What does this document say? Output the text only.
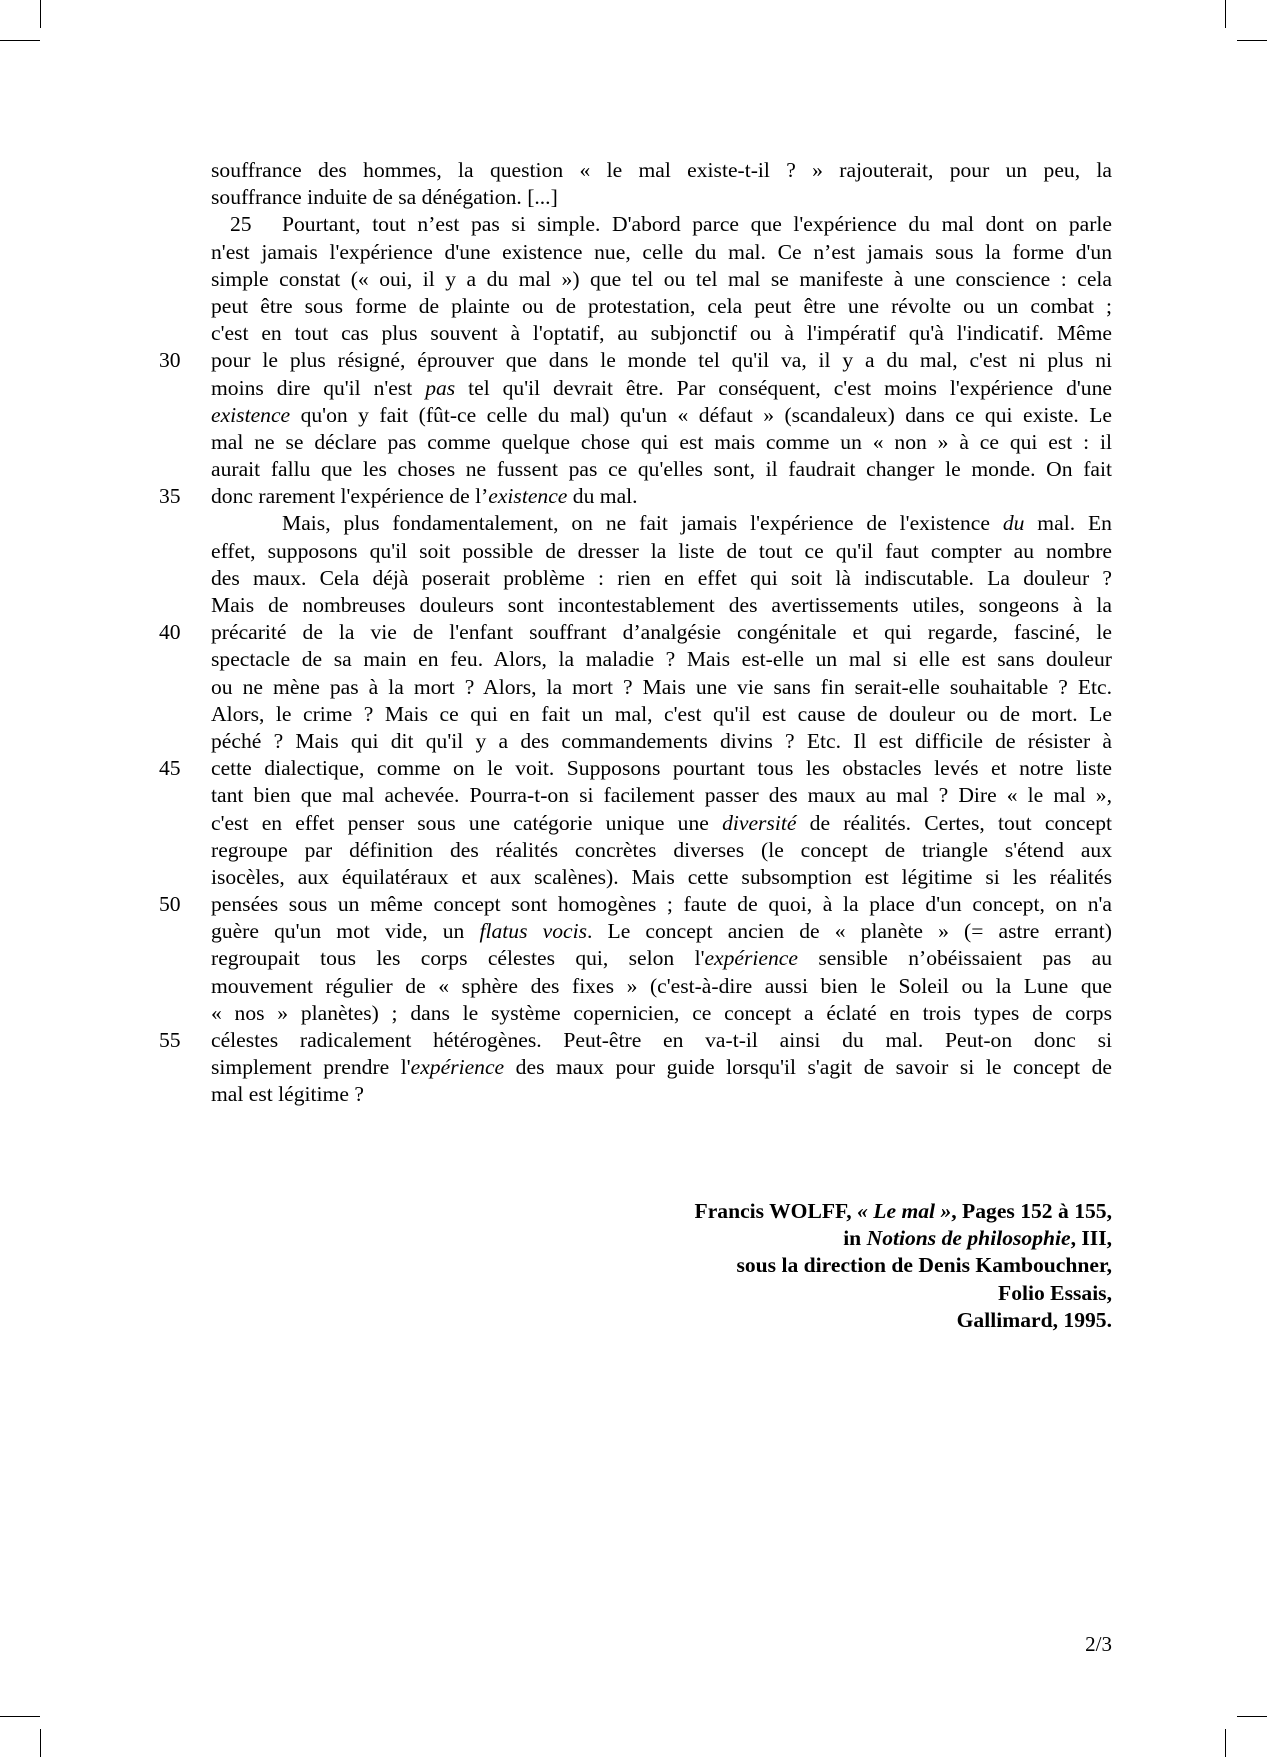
souffrance des hommes, la question « le mal existe-t-il ? » rajouterait, pour un peu, la
souffrance induite de sa dénégation. [...]
25 Pourtant, tout n’est pas si simple. D'abord parce que l'expérience du mal dont on parle
n'est jamais l'expérience d'une existence nue, celle du mal. Ce n’est jamais sous la forme d'un
simple constat (« oui, il y a du mal ») que tel ou tel mal se manifeste à une conscience : cela
peut être sous forme de plainte ou de protestation, cela peut être une révolte ou un combat ;
c'est en tout cas plus souvent à l'optatif, au subjonctif ou à l'impératif qu'à l'indicatif. Même
30	pour le plus résigné, éprouver que dans le monde tel qu'il va, il y a du mal, c'est ni plus ni
moins dire qu'il n'est pas tel qu'il devrait être. Par conséquent, c'est moins l'expérience d'une
existence qu'on y fait (fût-ce celle du mal) qu'un « défaut » (scandaleux) dans ce qui existe. Le
mal ne se déclare pas comme quelque chose qui est mais comme un « non » à ce qui est : il
aurait fallu que les choses ne fussent pas ce qu'elles sont, il faudrait changer le monde. On fait
35	donc rarement l'expérience de l’existence du mal.
Mais, plus fondamentalement, on ne fait jamais l'expérience de l'existence du mal. En
effet, supposons qu'il soit possible de dresser la liste de tout ce qu'il faut compter au nombre
des maux. Cela déjà poserait problème : rien en effet qui soit là indiscutable. La douleur ?
Mais de nombreuses douleurs sont incontestablement des avertissements utiles, songeons à la
40	précarité de la vie de l'enfant souffrant d’analgésie congénitale et qui regarde, fasciné, le
spectacle de sa main en feu. Alors, la maladie ? Mais est-elle un mal si elle est sans douleur
ou ne mène pas à la mort ? Alors, la mort ? Mais une vie sans fin serait-elle souhaitable ? Etc.
Alors, le crime ? Mais ce qui en fait un mal, c'est qu'il est cause de douleur ou de mort. Le
péché ? Mais qui dit qu'il y a des commandements divins ? Etc. Il est difficile de résister à
45	cette dialectique, comme on le voit. Supposons pourtant tous les obstacles levés et notre liste
tant bien que mal achevée. Pourra-t-on si facilement passer des maux au mal ? Dire « le mal »,
c'est en effet penser sous une catégorie unique une diversité de réalités. Certes, tout concept
regroupe par définition des réalités concrètes diverses (le concept de triangle s'étend aux
isocèles, aux équilatéraux et aux scalènes). Mais cette subsomption est légitime si les réalités
50	pensées sous un même concept sont homogènes ; faute de quoi, à la place d'un concept, on n'a
guère qu'un mot vide, un flatus vocis. Le concept ancien de « planète » (= astre errant)
regroupait tous les corps célestes qui, selon l'expérience sensible n’obéissaient pas au
mouvement régulier de « sphère des fixes » (c'est-à-dire aussi bien le Soleil ou la Lune que
« nos » planètes) ; dans le système copernicien, ce concept a éclaté en trois types de corps
55	célestes radicalement hétérogènes. Peut-être en va-t-il ainsi du mal. Peut-on donc si
simplement prendre l'expérience des maux pour guide lorsqu'il s'agit de savoir si le concept de
mal est légitime ?
Francis WOLFF, « Le mal », Pages 152 à 155,
in Notions de philosophie, III,
sous la direction de Denis Kambouchner,
Folio Essais,
Gallimard, 1995.
2/3
